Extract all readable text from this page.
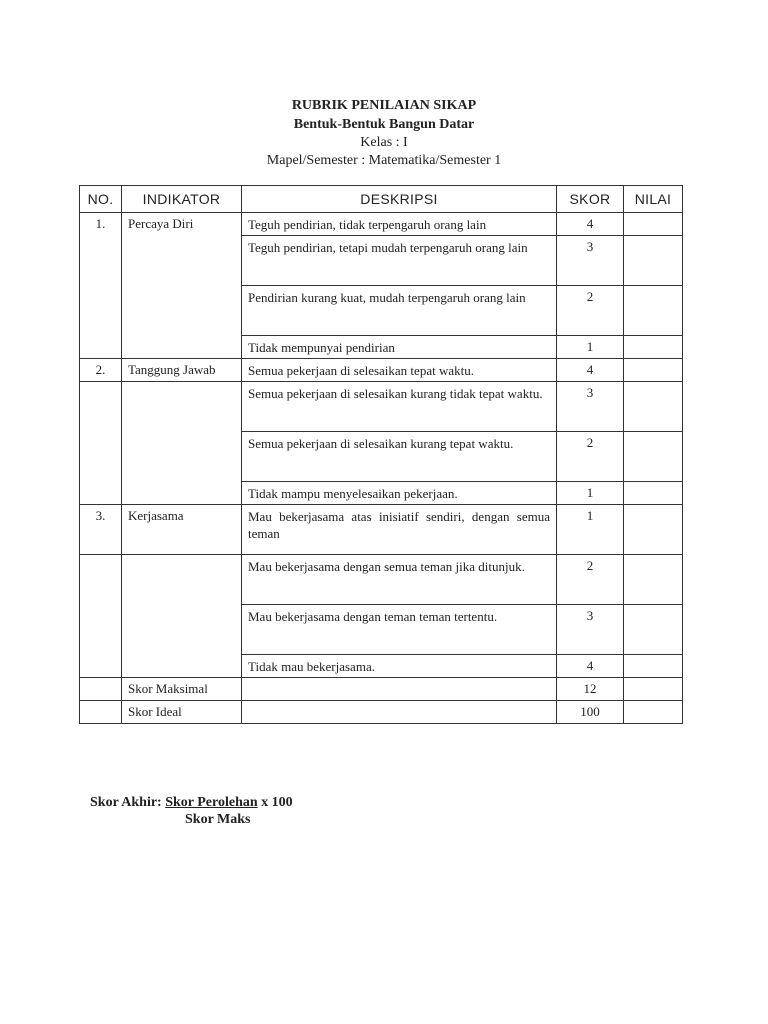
RUBRIK PENILAIAN SIKAP
Bentuk-Bentuk Bangun Datar
Kelas : I
Mapel/Semester : Matematika/Semester 1
NO.	INDIKATOR	DESKRIPSI	SKOR	NILAI
1.	Percaya Diri	Teguh pendirian, tidak terpengaruh orang lain	4	
		Teguh pendirian, tetapi mudah terpengaruh orang lain	3	
		Pendirian kurang kuat, mudah terpengaruh orang lain	2	
		Tidak mempunyai pendirian	1	
2.	Tanggung Jawab	Semua pekerjaan di selesaikan tepat waktu.	4	
		Semua pekerjaan di selesaikan kurang tidak tepat waktu.	3	
		Semua pekerjaan di selesaikan kurang tepat waktu.	2	
		Tidak mampu menyelesaikan pekerjaan.	1	
3.	Kerjasama	Mau bekerjasama atas inisiatif sendiri, dengan semua teman	1	
		Mau bekerjasama dengan semua teman jika ditunjuk.	2	
		Mau bekerjasama dengan teman teman tertentu.	3	
		Tidak mau bekerjasama.	4	
	Skor Maksimal		12	
	Skor Ideal		100	
Skor Akhir: Skor Perolehan x 100
Skor Maks
